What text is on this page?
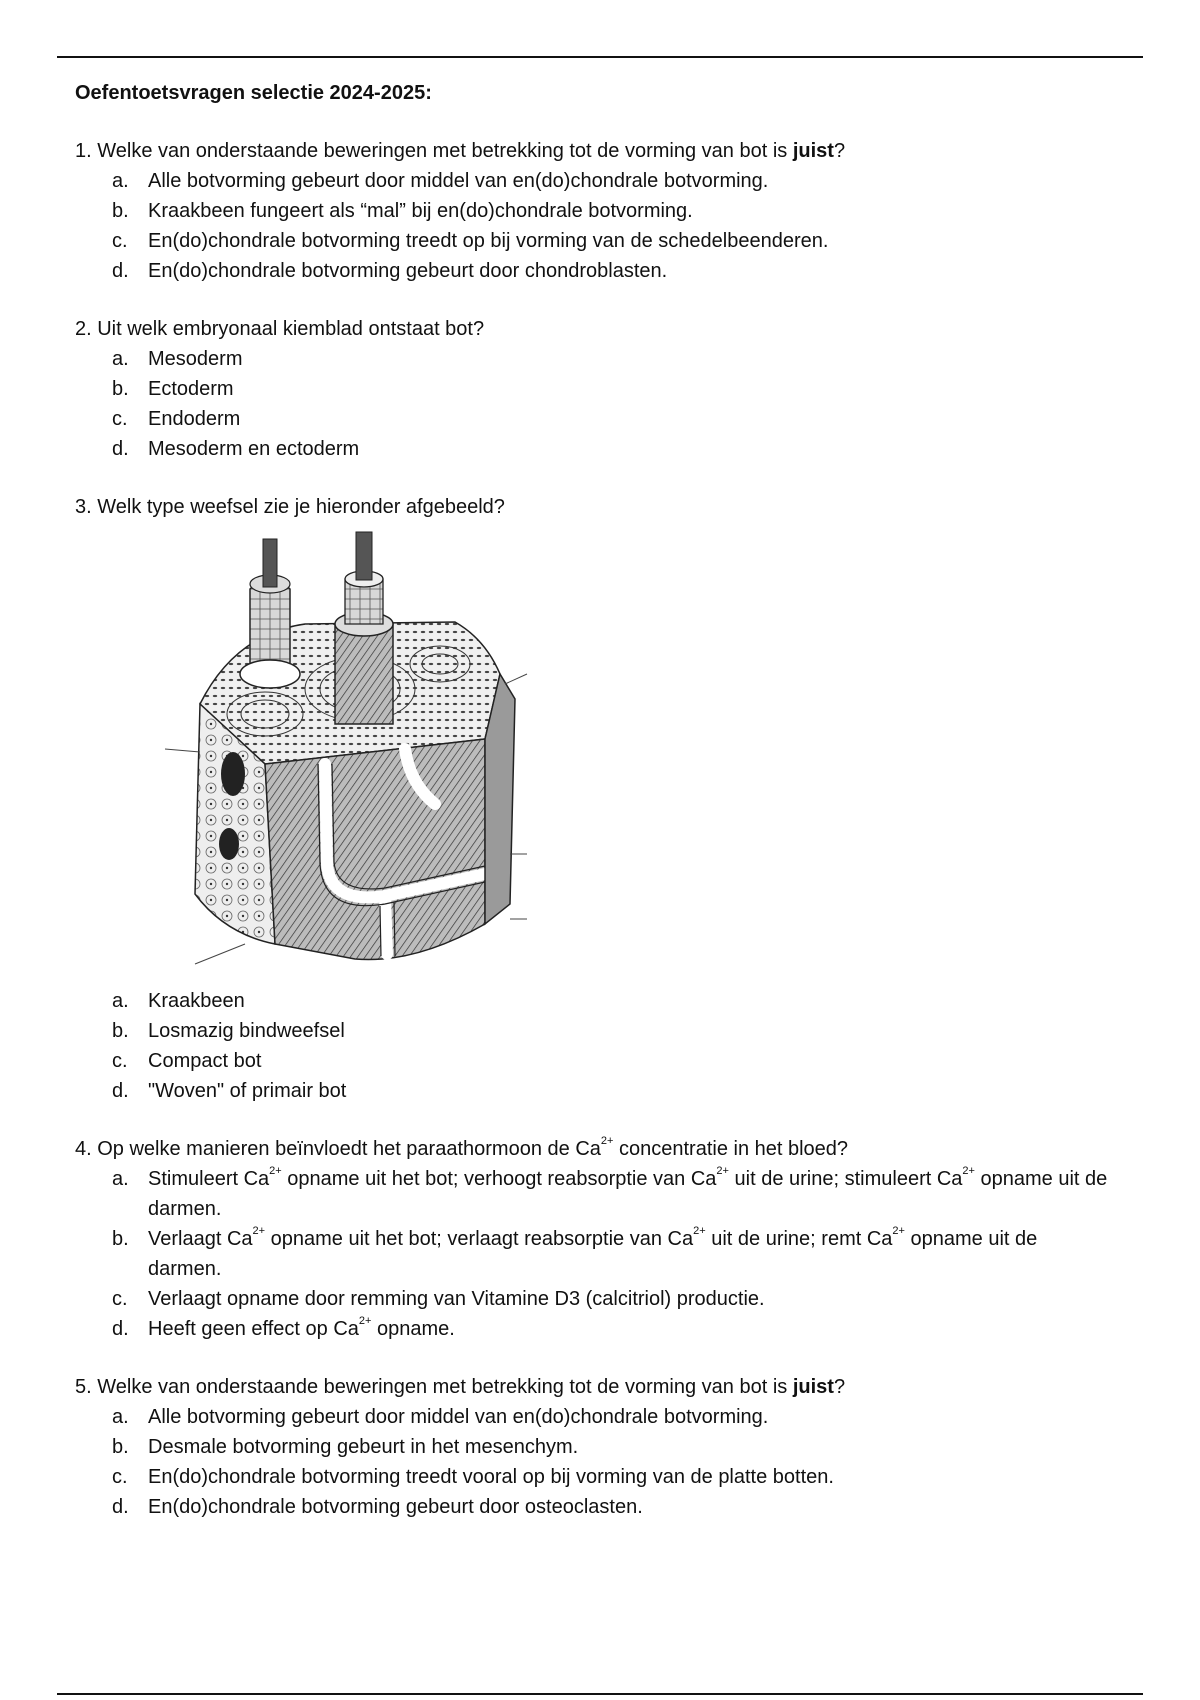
Oefentoetsvragen selectie 2024-2025:

1. Welke van onderstaande beweringen met betrekking tot de vorming van bot is juist?

a. Alle botvorming gebeurt door middel van en(do)chondrale botvorming.
b. Kraakbeen fungeert als “mal” bij en(do)chondrale botvorming.
c.	En(do)chondrale botvorming treedt op bij vorming van de schedelbeenderen.
d. En(do)chondrale botvorming gebeurt door chondroblasten.

2. Uit welk embryonaal kiemblad ontstaat bot?

a. Mesoderm
b. Ectoderm
c.	Endoderm
d. Mesoderm en ectoderm

3. Welk type weefsel zie je hieronder afgebeeld?

a. Kraakbeen
b. Losmazig bindweefsel
c.	Compact bot
d. "Woven" of primair bot

4. Op welke manieren beïnvloedt het paraathormoon de $Ca^{2+}$ concentratie in het bloed?

a. Stimuleert $Ca^{2+}$ opname uit het bot; verhoogt reabsorptie van $Ca^{2+}$ uit de urine; stimuleert $Ca^{2+}$ opname uit de darmen.
b. Verlaagt $Ca^{2+}$ opname uit het bot; verlaagt reabsorptie van $Ca^{2+}$ uit de urine; remt $Ca^{2+}$ opname uit de darmen.
c.	Verlaagt opname door remming van Vitamine D3 (calcitriol) productie.
d. Heeft geen effect op $Ca^{2+}$ opname.

5. Welke van onderstaande beweringen met betrekking tot de vorming van bot is juist?

a. Alle botvorming gebeurt door middel van en(do)chondrale botvorming.
b. Desmale botvorming gebeurt in het mesenchym.
c.	En(do)chondrale botvorming treedt vooral op bij vorming van de platte botten.
d. En(do)chondrale botvorming gebeurt door osteoclasten.
